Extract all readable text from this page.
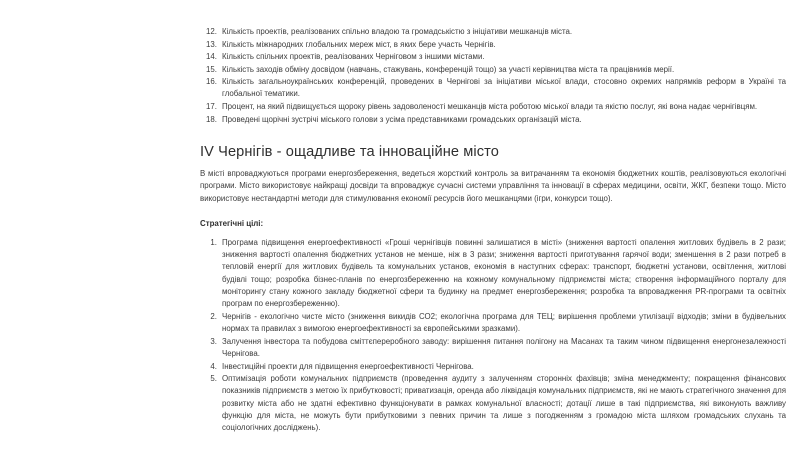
12. Кількість проектів, реалізованих спільно владою та громадськістю з ініціативи мешканців міста.
13. Кількість міжнародних глобальних мереж міст, в яких бере участь Чернігів.
14. Кількість спільних проектів, реалізованих Черніговом з іншими містами.
15. Кількість заходів обміну досвідом (навчань, стажувань, конференцій тощо) за участі керівництва міста та працівників мерії.
16. Кількість загальноукраїнських конференцій, проведених в Чернігові за ініціативи міської влади, стосовно окремих напрямків реформ в Україні та глобальної тематики.
17. Процент, на який підвищується щороку рівень задоволеності мешканців міста роботою міської влади та якістю послуг, які вона надає чернігівцям.
18. Проведені щорічні зустрічі міського голови з усіма представниками громадських організацій міста.
IV Чернігів - ощадливе та інноваційне місто

В місті впроваджуються програми енергозбереження, ведеться жорсткий контроль за витрачанням та економія бюджетних коштів, реалізовуються екологічні програми. Місто використовує найкращі досвіди та впроваджує сучасні системи управління та інновації в сферах медицини, освіти, ЖКГ, безпеки тощо. Місто використовує нестандартні методи для стимулювання економії ресурсів його мешканцями (ігри, конкурси тощо).

Стратегічні цілі:
1. Програма підвищення енергоефективності «Гроші чернігівців повинні залишатися в місті» (зниження вартості опалення житлових будівель в 2 рази; зниження вартості опалення бюджетних установ не менше, ніж в 3 рази; зниження вартості приготування гарячої води; зменшення в 2 рази потреб в тепловій енергії для житлових будівель та комунальних установ, економія в наступних сферах: транспорт, бюджетні установи, освітлення, житлові будівлі тощо; розробка бізнес-планів по енергозбереженню на кожному комунальному підприємстві міста; створення інформаційного порталу для моніторингу стану кожного закладу бюджетної сфери та будинку на предмет енергозбереження; розробка та впровадження PR-програми та освітніх програм по енергозбереженню).
2. Чернігів - екологічно чисте місто (зниження викидів СО2; екологічна програма для ТЕЦ; вирішення проблеми утилізації відходів; зміни в будівельних нормах та правилах з вимогою енергоефективності за європейськими зразками).
3. Залучення інвестора та побудова сміттєпереробного заводу: вирішення питання полігону на Масанах та таким чином підвищення енергонезалежності Чернігова.
4. Інвестиційні проекти для підвищення енергоефективності Чернігова.
5. Оптимізація роботи комунальних підприємств (проведення аудиту з залученням сторонніх фахівців; зміна менеджменту; покращення фінансових показників підприємств з метою їх прибутковості; приватизація, оренда або ліквідація комунальних підприємств, які не мають стратегічного значення для розвитку міста або не здатні ефективно функціонувати в рамках комунальної власності; дотації лише в такі підприємства, які виконують важливу функцію для міста, не можуть бути прибутковими з певних причин та лише з погодженням з громадою міста шляхом громадських слухань та соціологічних досліджень).
